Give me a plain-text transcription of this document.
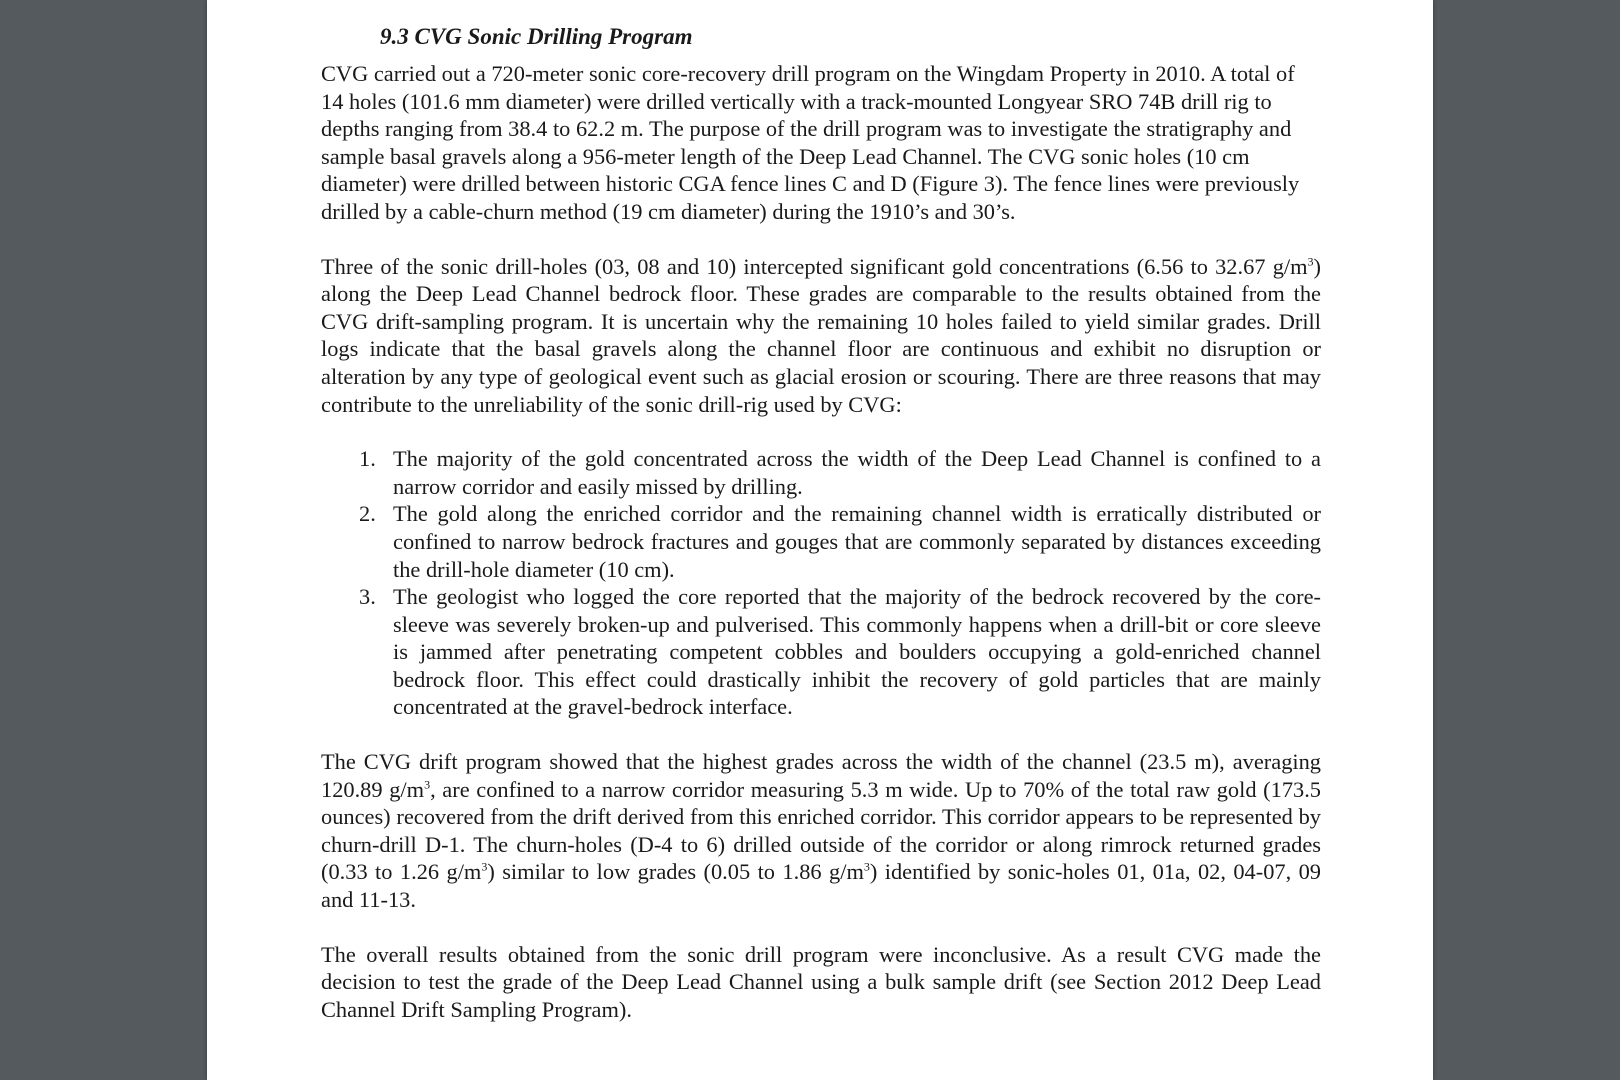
9.3 CVG Sonic Drilling Program

CVG carried out a 720-meter sonic core-recovery drill program on the Wingdam Property in 2010. A total of 14 holes (101.6 mm diameter) were drilled vertically with a track-mounted Longyear SRO 74B drill rig to depths ranging from 38.4 to 62.2 m. The purpose of the drill program was to investigate the stratigraphy and sample basal gravels along a 956-meter length of the Deep Lead Channel. The CVG sonic holes (10 cm diameter) were drilled between historic CGA fence lines C and D (Figure 3). The fence lines were previously drilled by a cable-churn method (19 cm diameter) during the 1910’s and 30’s.

Three of the sonic drill-holes (03, 08 and 10) intercepted significant gold concentrations (6.56 to 32.67 $g/m^3$) along the Deep Lead Channel bedrock floor. These grades are comparable to the results obtained from the CVG drift-sampling program. It is uncertain why the remaining 10 holes failed to yield similar grades. Drill logs indicate that the basal gravels along the channel floor are continuous and exhibit no disruption or alteration by any type of geological event such as glacial erosion or scouring. There are three reasons that may contribute to the unreliability of the sonic drill-rig used by CVG:

1. The majority of the gold concentrated across the width of the Deep Lead Channel is confined to a narrow corridor and easily missed by drilling.
2. The gold along the enriched corridor and the remaining channel width is erratically distributed or confined to narrow bedrock fractures and gouges that are commonly separated by distances exceeding the drill-hole diameter (10 cm).
3. The geologist who logged the core reported that the majority of the bedrock recovered by the core-sleeve was severely broken-up and pulverised. This commonly happens when a drill-bit or core sleeve is jammed after penetrating competent cobbles and boulders occupying a gold-enriched channel bedrock floor. This effect could drastically inhibit the recovery of gold particles that are mainly concentrated at the gravel-bedrock interface.

The CVG drift program showed that the highest grades across the width of the channel (23.5 m), averaging 120.89 $g/m^3$, are confined to a narrow corridor measuring 5.3 m wide. Up to 70% of the total raw gold (173.5 ounces) recovered from the drift derived from this enriched corridor. This corridor appears to be represented by churn-drill D-1. The churn-holes (D-4 to 6) drilled outside of the corridor or along rimrock returned grades (0.33 to 1.26 $g/m^3$) similar to low grades (0.05 to 1.86 $g/m^3$) identified by sonic-holes 01, 01a, 02, 04-07, 09 and 11-13.

The overall results obtained from the sonic drill program were inconclusive. As a result CVG made the decision to test the grade of the Deep Lead Channel using a bulk sample drift (see Section 2012 Deep Lead Channel Drift Sampling Program).
